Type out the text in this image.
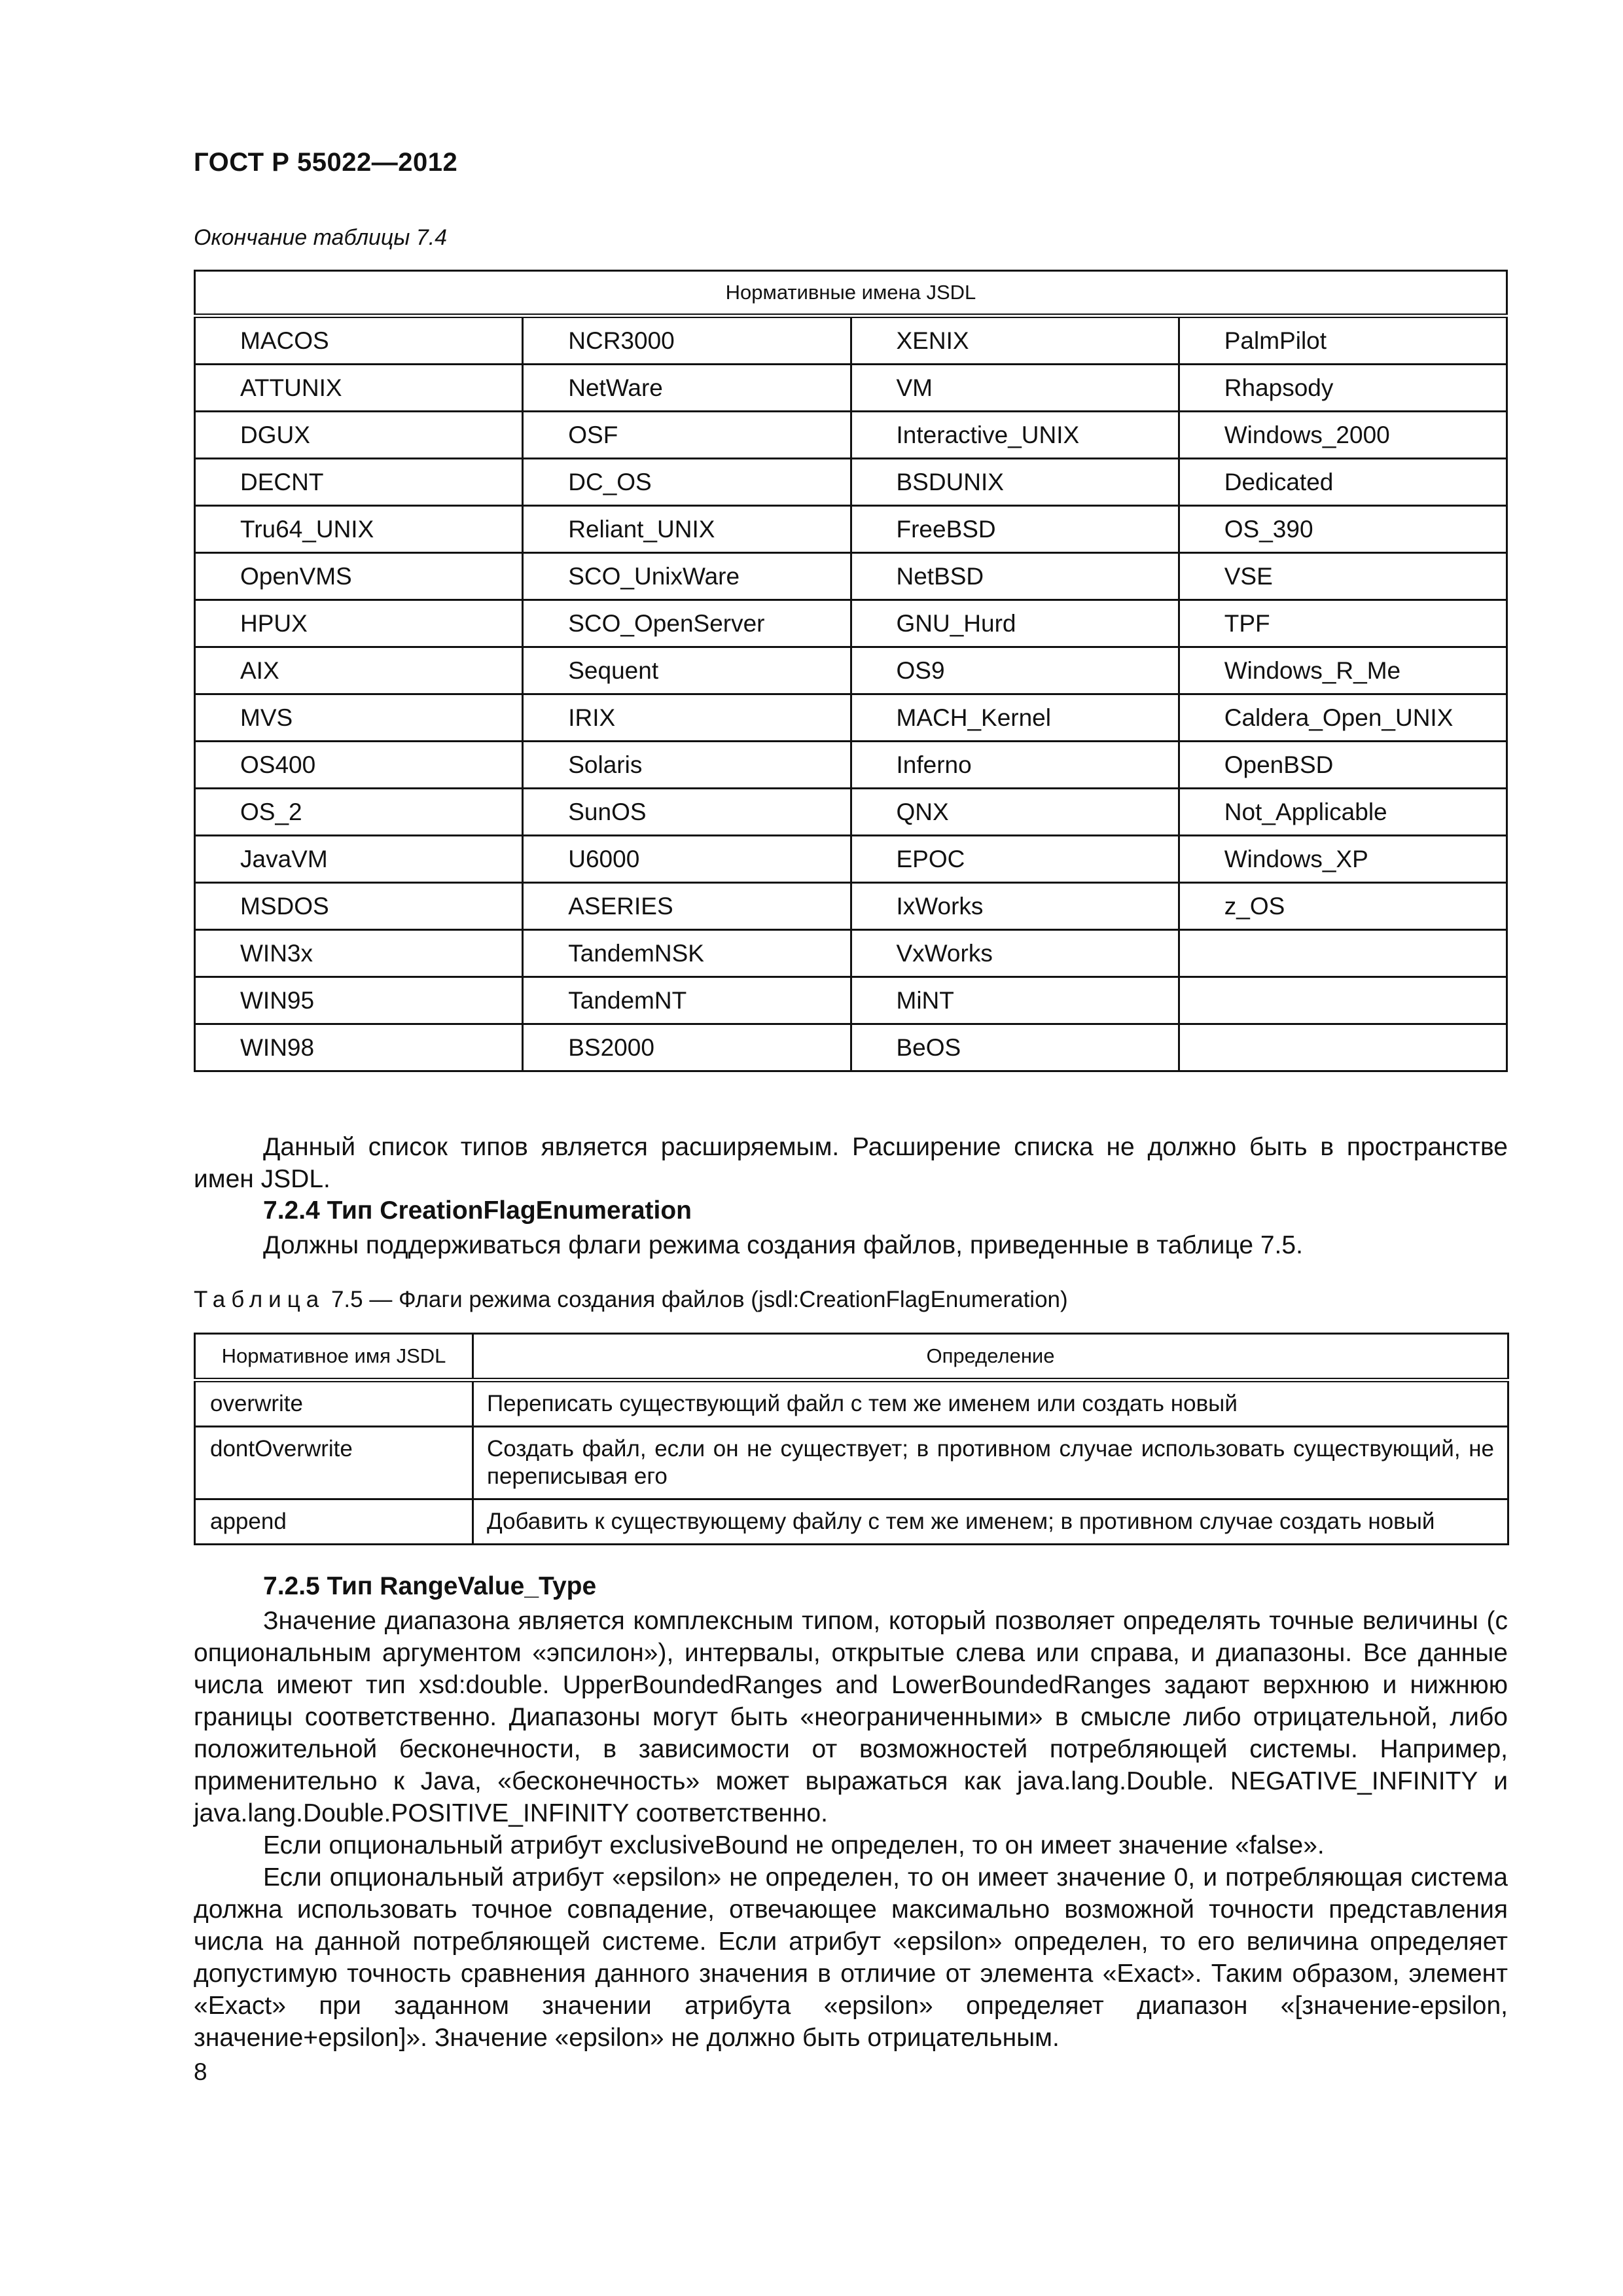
ГОСТ Р 55022—2012
Окончание таблицы 7.4
Нормативные имена JSDL			
MACOS	NCR3000	XENIX	PalmPilot
ATTUNIX	NetWare	VM	Rhapsody
DGUX	OSF	Interactive_UNIX	Windows_2000
DECNT	DC_OS	BSDUNIX	Dedicated
Tru64_UNIX	Reliant_UNIX	FreeBSD	OS_390
OpenVMS	SCO_UnixWare	NetBSD	VSE
HPUX	SCO_OpenServer	GNU_Hurd	TPF
AIX	Sequent	OS9	Windows_R_Me
MVS	IRIX	MACH_Kernel	Caldera_Open_UNIX
OS400	Solaris	Inferno	OpenBSD
OS_2	SunOS	QNX	Not_Applicable
JavaVM	U6000	EPOC	Windows_XP
MSDOS	ASERIES	IxWorks	z_OS
WIN3x	TandemNSK	VxWorks	
WIN95	TandemNT	MiNT	
WIN98	BS2000	BeOS	
Данный список типов является расширяемым. Расширение списка не должно быть в пространстве имен JSDL.
7.2.4 Тип CreationFlagEnumeration
Должны поддерживаться флаги режима создания файлов, приведенные в таблице 7.5.
Таблица 7.5 — Флаги режима создания файлов (jsdl:CreationFlagEnumeration)
Нормативное имя JSDL	Определение
overwrite	Переписать существующий файл с тем же именем или создать новый
dontOverwrite	Создать файл, если он не существует; в противном случае использовать существующий, не переписывая его
append	Добавить к существующему файлу с тем же именем; в противном случае создать новый
7.2.5 Тип RangeValue_Type
Значение диапазона является комплексным типом, который позволяет определять точные величины (с опциональным аргументом «эпсилон»), интервалы, открытые слева или справа, и диапазоны. Все данные числа имеют тип xsd:double. UpperBoundedRanges and LowerBoundedRanges задают верхнюю и нижнюю границы соответственно. Диапазоны могут быть «неограниченными» в смысле либо отрицательной, либо положительной бесконечности, в зависимости от возможностей потребляющей системы. Например, применительно к Java, «бесконечность» может выражаться как java.lang.Double. NEGATIVE_INFINITY и java.lang.Double.POSITIVE_INFINITY соответственно.
Если опциональный атрибут exclusiveBound не определен, то он имеет значение «false».
Если опциональный атрибут «epsilon» не определен, то он имеет значение 0, и потребляющая система должна использовать точное совпадение, отвечающее максимально возможной точности представления числа на данной потребляющей системе. Если атрибут «epsilon» определен, то его величина определяет допустимую точность сравнения данного значения в отличие от элемента «Exact». Таким образом, элемент «Exact» при заданном значении атрибута «epsilon» определяет диапазон «[значение-epsilon, значение+epsilon]». Значение «epsilon» не должно быть отрицательным.
8
